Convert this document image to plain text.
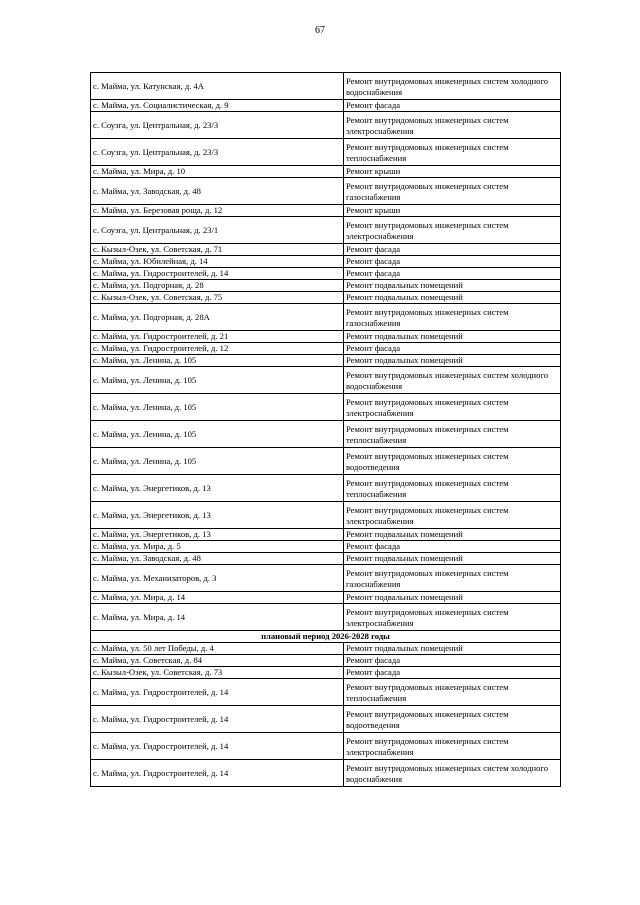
67
с. Майма, ул. Катунская, д. 4А	Ремонт внутридомовых инженерных систем холодного водоснабжения
с. Майма, ул. Социалистическая, д. 9	Ремонт фасада
с. Соузга, ул. Центральная, д. 23/3	Ремонт внутридомовых инженерных систем электроснабжения
с. Соузга, ул. Центральная, д. 23/3	Ремонт внутридомовых инженерных систем теплоснабжения
с. Майма, ул. Мира, д. 10	Ремонт крыши
с. Майма, ул. Заводская, д. 48	Ремонт внутридомовых инженерных систем газоснабжения
с. Майма, ул. Березовая роща, д. 12	Ремонт крыши
с. Соузга, ул. Центральная, д. 23/1	Ремонт внутридомовых инженерных систем электроснабжения
с. Кызыл-Озек, ул. Советская, д. 71	Ремонт фасада
с. Майма, ул. Юбилейная, д. 14	Ремонт фасада
с. Майма, ул. Гидростроителей, д. 14	Ремонт фасада
с. Майма, ул. Подгорная, д. 28	Ремонт подвальных помещений
с. Кызыл-Озек, ул. Советская, д. 75	Ремонт подвальных помещений
с. Майма, ул. Подгорная, д. 28А	Ремонт внутридомовых инженерных систем газоснабжения
с. Майма, ул. Гидростроителей, д. 21	Ремонт подвальных помещений
с. Майма, ул. Гидростроителей, д. 12	Ремонт фасада
с. Майма, ул. Ленина, д. 105	Ремонт подвальных помещений
с. Майма, ул. Ленина, д. 105	Ремонт внутридомовых инженерных систем холодного водоснабжения
с. Майма, ул. Ленина, д. 105	Ремонт внутридомовых инженерных систем электроснабжения
с. Майма, ул. Ленина, д. 105	Ремонт внутридомовых инженерных систем теплоснабжения
с. Майма, ул. Ленина, д. 105	Ремонт внутридомовых инженерных систем водоотведения
с. Майма, ул. Энергетиков, д. 13	Ремонт внутридомовых инженерных систем теплоснабжения
с. Майма, ул. Энергетиков, д. 13	Ремонт внутридомовых инженерных систем электроснабжения
с. Майма, ул. Энергетиков, д. 13	Ремонт подвальных помещений
с. Майма, ул. Мира, д. 5	Ремонт фасада
с. Майма, ул. Заводская, д. 48	Ремонт подвальных помещений
с. Майма, ул. Механизаторов, д. 3	Ремонт внутридомовых инженерных систем газоснабжения
с. Майма, ул. Мира, д. 14	Ремонт подвальных помещений
с. Майма, ул. Мира, д. 14	Ремонт внутридомовых инженерных систем электроснабжения
плановый период 2026-2028 годы	
с. Майма, ул. 50 лет Победы, д. 4	Ремонт подвальных помещений
с. Майма, ул. Советская, д. 84	Ремонт фасада
с. Кызыл-Озек, ул. Советская, д. 73	Ремонт фасада
с. Майма, ул. Гидростроителей, д. 14	Ремонт внутридомовых инженерных систем теплоснабжения
с. Майма, ул. Гидростроителей, д. 14	Ремонт внутридомовых инженерных систем водоотведения
с. Майма, ул. Гидростроителей, д. 14	Ремонт внутридомовых инженерных систем электроснабжения
с. Майма, ул. Гидростроителей, д. 14	Ремонт внутридомовых инженерных систем холодного водоснабжения
